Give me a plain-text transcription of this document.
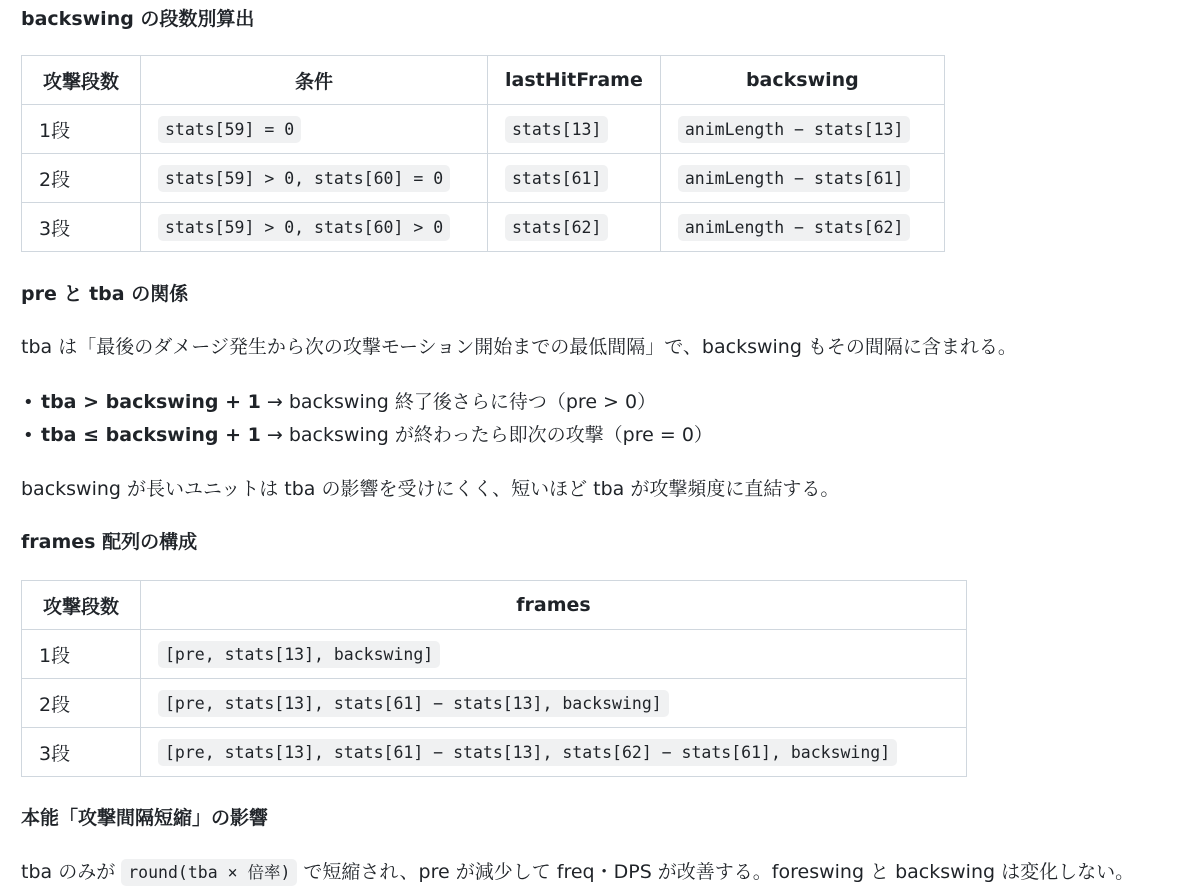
backswing の段数別算出
攻撃段数	条件	lastHitFrame	backswing
1段	stats[59] = 0	stats[13]	animLength − stats[13]
2段	stats[59] > 0, stats[60] = 0	stats[61]	animLength − stats[61]
3段	stats[59] > 0, stats[60] > 0	stats[62]	animLength − stats[62]
pre と tba の関係

tba は「最後のダメージ発生から次の攻撃モーション開始までの最低間隔」で、backswing もその間隔に含まれる。

• tba > backswing + 1 → backswing 終了後さらに待つ（pre > 0）
• tba ≤ backswing + 1 → backswing が終わったら即次の攻撃（pre = 0）

backswing が長いユニットは tba の影響を受けにくく、短いほど tba が攻撃頻度に直結する。

frames 配列の構成
攻撃段数	frames
1段	[pre, stats[13], backswing]
2段	[pre, stats[13], stats[61] − stats[13], backswing]
3段	[pre, stats[13], stats[61] − stats[13], stats[62] − stats[61], backswing]
本能「攻撃間隔短縮」の影響

tba のみが round(tba × 倍率) で短縮され、pre が減少して freq・DPS が改善する。foreswing と backswing は変化しない。
